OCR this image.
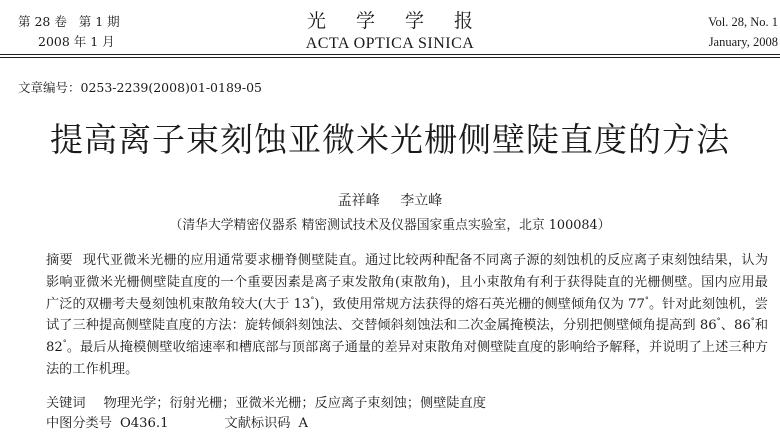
第 28 卷 第 1 期
2008 年 1 月
光 学 学 报
ACTA OPTICA SINICA
Vol. 28, No. 1
January, 2008
文章编号：0253-2239(2008)01-0189-05
提高离子束刻蚀亚微米光栅侧壁陡直度的方法
孟祥峰 李立峰
（清华大学精密仪器系 精密测试技术及仪器国家重点实验室，北京 100084）

摘要 现代亚微米光栅的应用通常要求栅脊侧壁陡直。通过比较两种配备不同离子源的刻蚀机的反应离子束刻蚀结果，认为影响亚微米光栅侧壁陡直度的一个重要因素是离子束发散角(束散角)，且小束散角有利于获得陡直的光栅侧壁。国内应用最广泛的双栅考夫曼刻蚀机束散角较大(大于 13°)，致使用常规方法获得的熔石英光栅的侧壁倾角仅为 77°。针对此刻蚀机，尝试了三种提高侧壁陡直度的方法：旋转倾斜刻蚀法、交替倾斜刻蚀法和二次金属掩模法，分别把侧壁倾角提高到 86°、86°和 82°。最后从掩模侧壁收缩速率和槽底部与顶部离子通量的差异对束散角对侧壁陡直度的影响给予解释，并说明了上述三种方法的工作机理。

关键词 物理光学；衍射光栅；亚微米光栅；反应离子束刻蚀；侧壁陡直度
中图分类号 O436.1	文献标识码 A
